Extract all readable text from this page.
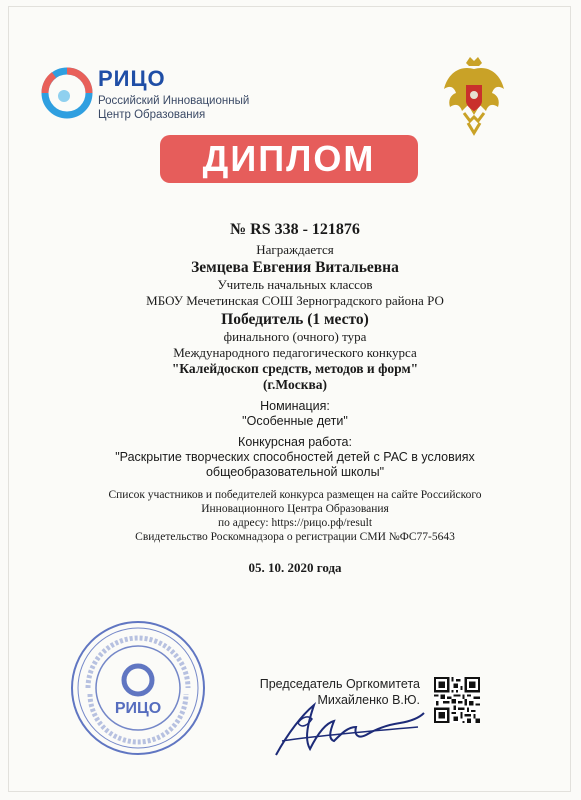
РИЦО
Российский Инновационный
Центр Образования
ДИПЛОМ
№ RS 338 - 121876
Награждается
Земцева Евгения Витальевна
Учитель начальных классов
МБОУ Мечетинская СОШ Зерноградского района РО
Победитель (1 место)
финального (очного) тура
Международного педагогического конкурса
"Калейдоскоп средств, методов и форм"
(г.Москва)
Номинация:
"Особенные дети"
Конкурсная работа:
"Раскрытие творческих способностей детей с РАС в условиях
общеобразовательной школы"
Список участников и победителей конкурса размещен на сайте Российского
Инновационного Центра Образования
по адресу: https://рицо.рф/result
Свидетельство Роскомнадзора о регистрации СМИ №ФС77-5643
05. 10. 2020 года
РИЦО
Председатель Оргкомитета
Михайленко В.Ю.
